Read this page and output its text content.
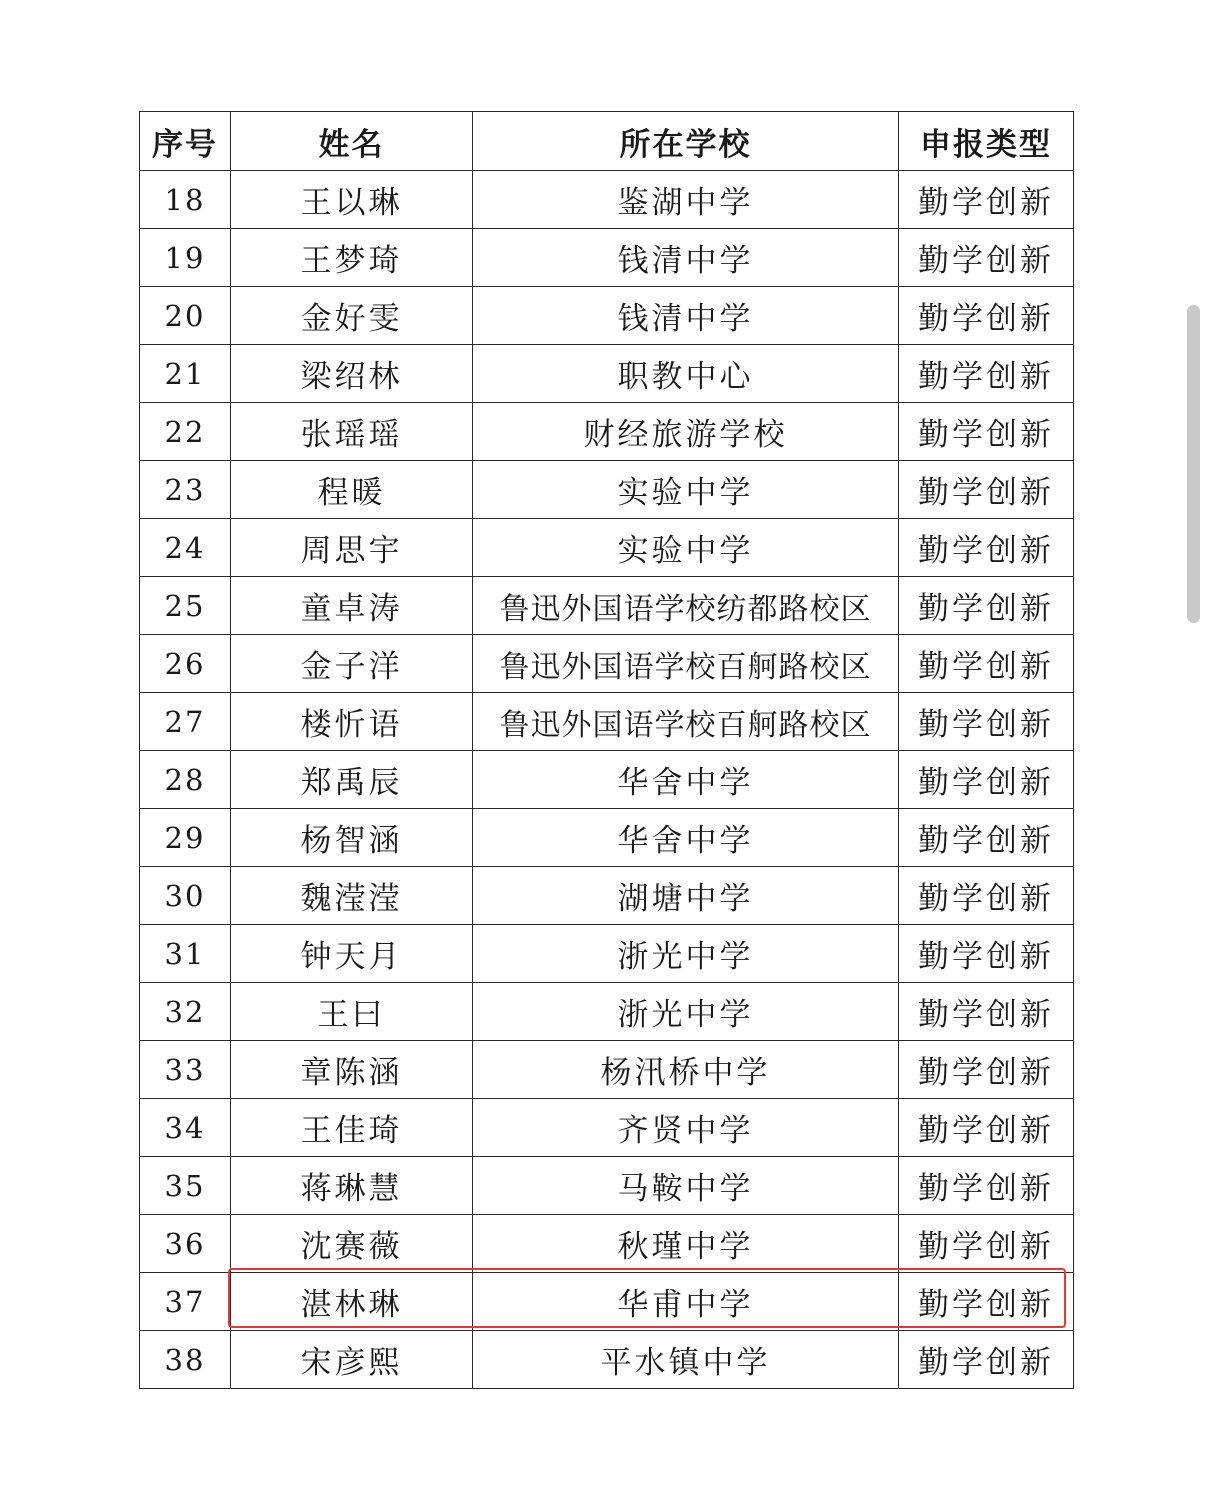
序号	姓名	所在学校	申报类型
18	王以琳	鉴湖中学	勤学创新
19	王梦琦	钱清中学	勤学创新
20	金好雯	钱清中学	勤学创新
21	梁绍林	职教中心	勤学创新
22	张瑶瑶	财经旅游学校	勤学创新
23	程暖	实验中学	勤学创新
24	周思宇	实验中学	勤学创新
25	童卓涛	鲁迅外国语学校纺都路校区	勤学创新
26	金子洋	鲁迅外国语学校百舸路校区	勤学创新
27	楼忻语	鲁迅外国语学校百舸路校区	勤学创新
28	郑禹辰	华舍中学	勤学创新
29	杨智涵	华舍中学	勤学创新
30	魏滢滢	湖塘中学	勤学创新
31	钟天月	浙光中学	勤学创新
32	王曰	浙光中学	勤学创新
33	章陈涵	杨汛桥中学	勤学创新
34	王佳琦	齐贤中学	勤学创新
35	蒋琳慧	马鞍中学	勤学创新
36	沈赛薇	秋瑾中学	勤学创新
37	湛林琳	华甫中学	勤学创新
38	宋彦熙	平水镇中学	勤学创新
